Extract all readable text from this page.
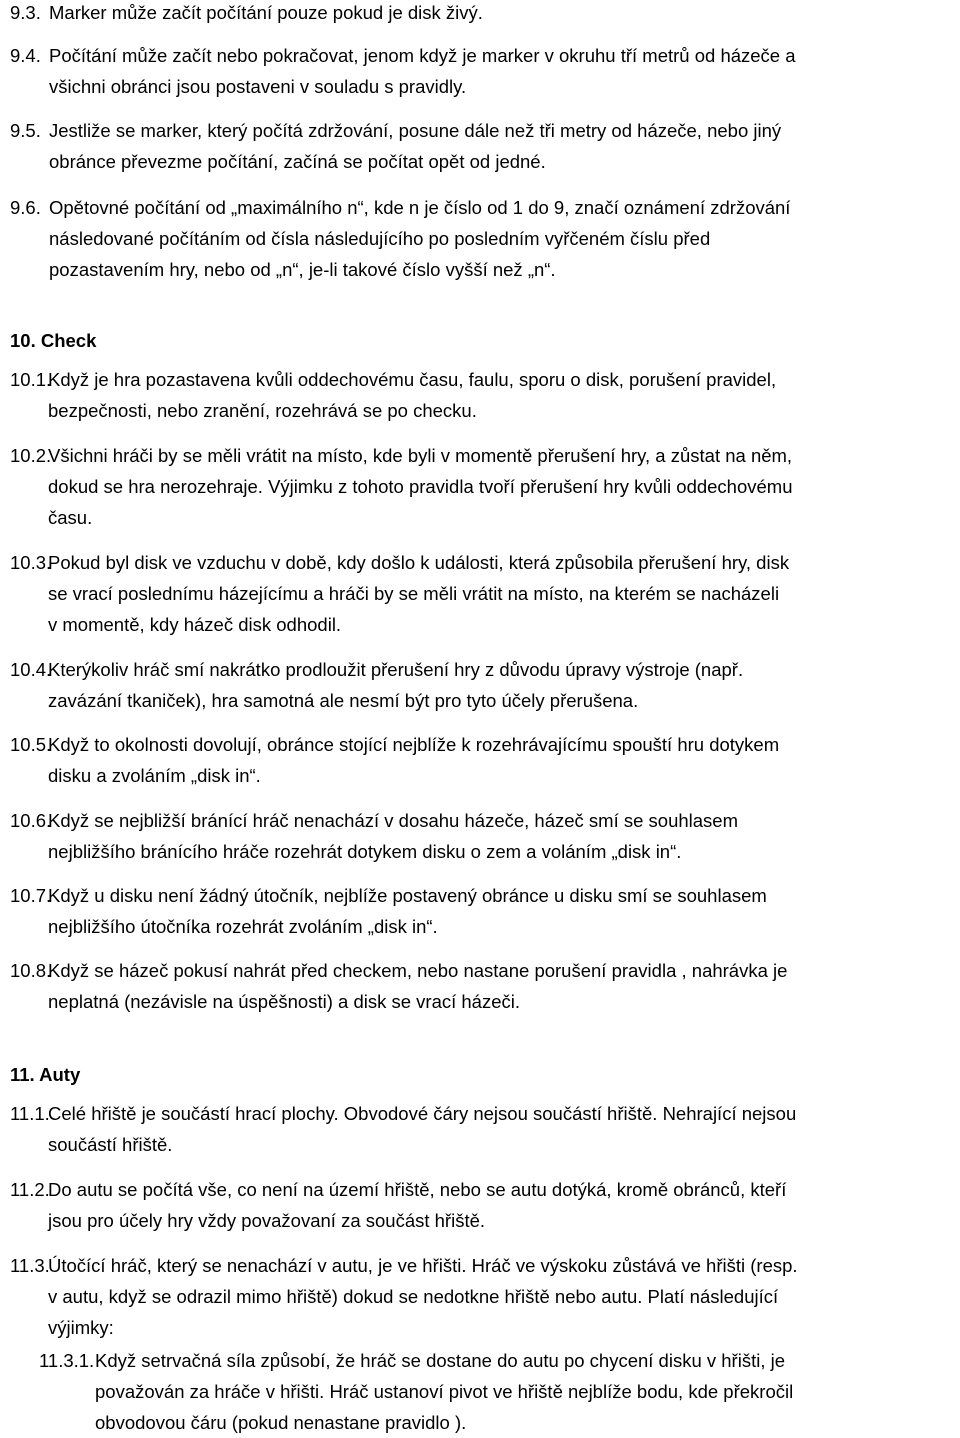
9.3. Marker může začít počítání pouze pokud je disk živý.
9.4. Počítání může začít nebo pokračovat, jenom když je marker v okruhu tří metrů od házeče a
všichni obránci jsou postaveni v souladu s pravidly.
9.5. Jestliže se marker, který počítá zdržování, posune dále než tři metry od házeče, nebo jiný
obránce převezme počítání, začíná se počítat opět od jedné.
9.6. Opětovné počítání od „maximálního n“, kde n je číslo od 1 do 9, značí oznámení zdržování
následované počítáním od čísla následujícího po posledním vyřčeném číslu před
pozastavením hry, nebo od „n“, je-li takové číslo vyšší než „n“.
10. Check
10.1.
Když je hra pozastavena kvůli oddechovému času, faulu, sporu o disk, porušení pravidel,
bezpečnosti, nebo zranění, rozehrává se po checku.
10.2.
Všichni hráči by se měli vrátit na místo, kde byli v momentě přerušení hry, a zůstat na něm,
dokud se hra nerozehraje. Výjimku z tohoto pravidla tvoří přerušení hry kvůli oddechovému
času.
10.3.
Pokud byl disk ve vzduchu v době, kdy došlo k události, která způsobila přerušení hry, disk
se vrací poslednímu házejícímu a hráči by se měli vrátit na místo, na kterém se nacházeli
v momentě, kdy házeč disk odhodil.
10.4.
Kterýkoliv hráč smí nakrátko prodloužit přerušení hry z důvodu úpravy výstroje (např.
zavázání tkaniček), hra samotná ale nesmí být pro tyto účely přerušena.
10.5.
Když to okolnosti dovolují, obránce stojící nejblíže k rozehrávajícímu spouští hru dotykem
disku a zvoláním „disk in“.
10.6.
Když se nejbližší bránící hráč nenachází v dosahu házeče, házeč smí se souhlasem
nejbližšího bránícího hráče rozehrát dotykem disku o zem a voláním „disk in“.
10.7.
Když u disku není žádný útočník, nejblíže postavený obránce u disku smí se souhlasem
nejbližšího útočníka rozehrát zvoláním „disk in“.
10.8.
Když se házeč pokusí nahrát před checkem, nebo nastane porušení pravidla , nahrávka je
neplatná (nezávisle na úspěšnosti) a disk se vrací házeči.
11. Auty
11.1.
Celé hřiště je součástí hrací plochy. Obvodové čáry nejsou součástí hřiště. Nehrající nejsou
součástí hřiště.
11.2.
Do autu se počítá vše, co není na území hřiště, nebo se autu dotýká, kromě obránců, kteří
jsou pro účely hry vždy považovaní za součást hřiště.
11.3.
Útočící hráč, který se nenachází v autu, je ve hřišti. Hráč ve výskoku zůstává ve hřišti (resp.
v autu, když se odrazil mimo hřiště) dokud se nedotkne hřiště nebo autu. Platí následující
výjimky:
11.3.1. Když setrvačná síla způsobí, že hráč se dostane do autu po chycení disku v hřišti, je
považován za hráče v hřišti. Hráč ustanoví pivot ve hřiště nejblíže bodu, kde překročil
obvodovou čáru (pokud nenastane pravidlo ).
